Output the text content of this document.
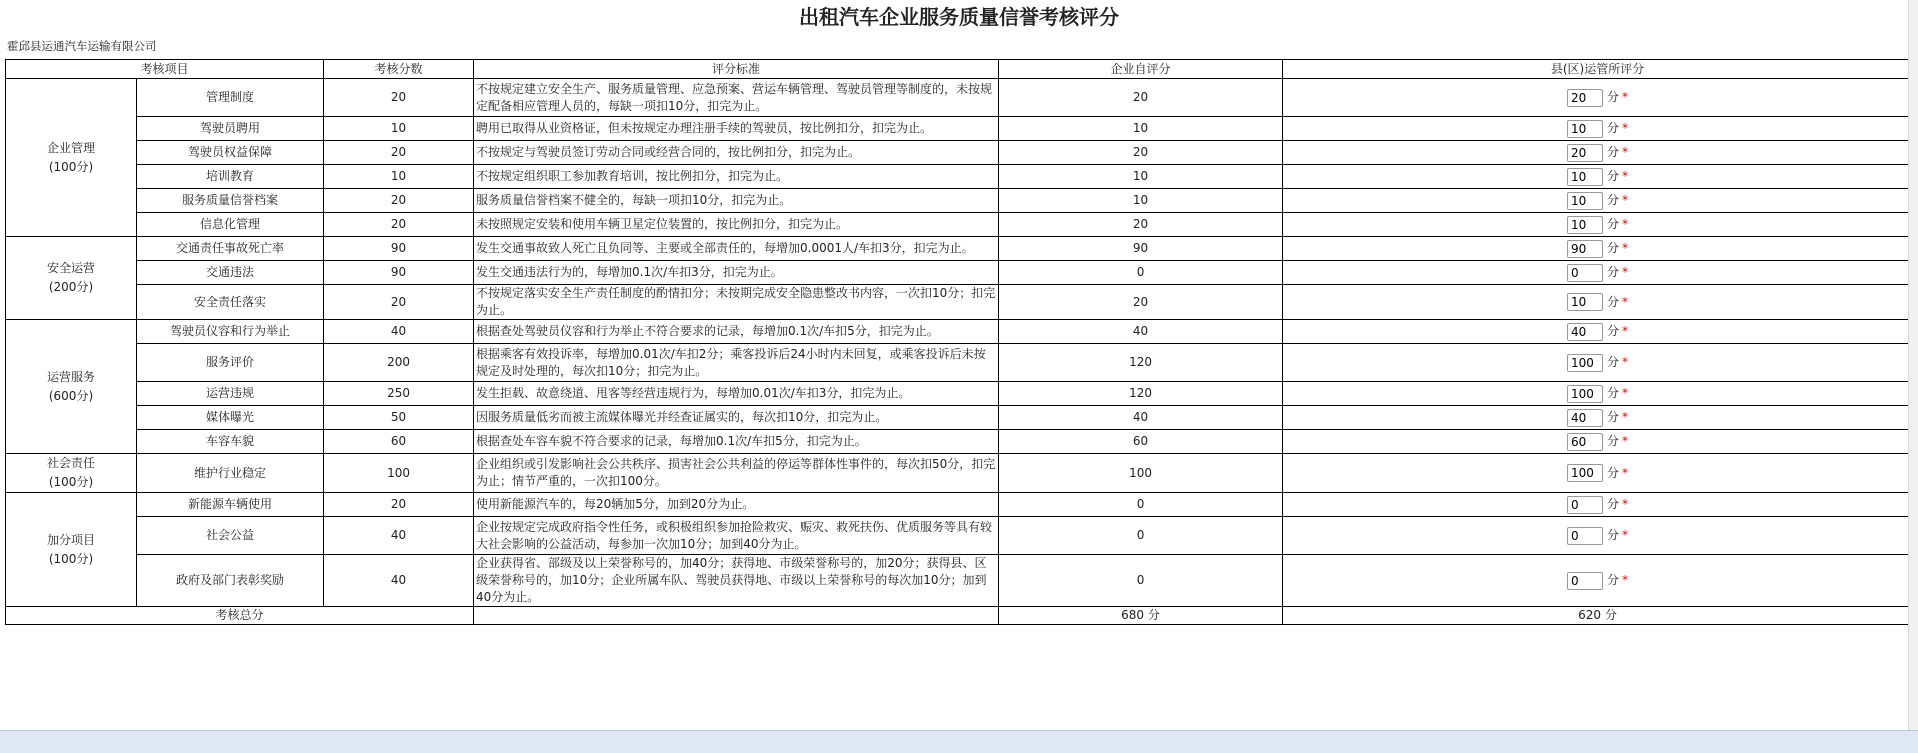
出租汽车企业服务质量信誉考核评分
霍邱县运通汽车运输有限公司
考核项目		考核分数	评分标准	企业自评分	县(区)运管所评分

企业管理
(100分)	管理制度	20	不按规定建立安全生产、服务质量管理、应急预案、营运车辆管理、驾驶员管理等制度的，未按规定配备相应管理人员的，每缺一项扣10分，扣完为止。	20	20分 *
	驾驶员聘用	10	聘用已取得从业资格证，但未按规定办理注册手续的驾驶员，按比例扣分，扣完为止。	10	10分 *
	驾驶员权益保障	20	不按规定与驾驶员签订劳动合同或经营合同的，按比例扣分，扣完为止。	20	20分 *
	培训教育	10	不按规定组织职工参加教育培训，按比例扣分，扣完为止。	10	10分 *
	服务质量信誉档案	20	服务质量信誉档案不健全的，每缺一项扣10分，扣完为止。	10	10分 *
	信息化管理	20	未按照规定安装和使用车辆卫星定位装置的，按比例扣分，扣完为止。	20	10分 *

安全运营
(200分)	交通责任事故死亡率	90	发生交通事故致人死亡且负同等、主要或全部责任的，每增加0.0001人/车扣3分，扣完为止。	90	90分 *
	交通违法	90	发生交通违法行为的，每增加0.1次/车扣3分，扣完为止。	0	0分 *
	安全责任落实	20	不按规定落实安全生产责任制度的酌情扣分；未按期完成安全隐患整改书内容，一次扣10分；扣完为止。	20	10分 *

运营服务
(600分)	驾驶员仪容和行为举止	40	根据查处驾驶员仪容和行为举止不符合要求的记录，每增加0.1次/车扣5分，扣完为止。	40	40分 *
	服务评价	200	根据乘客有效投诉率，每增加0.01次/车扣2分；乘客投诉后24小时内未回复，或乘客投诉后未按规定及时处理的，每次扣10分；扣完为止。	120	100分 *
	运营违规	250	发生拒载、故意绕道、甩客等经营违规行为，每增加0.01次/车扣3分，扣完为止。	120	100分 *
	媒体曝光	50	因服务质量低劣而被主流媒体曝光并经查证属实的，每次扣10分，扣完为止。	40	40分 *
	车容车貌	60	根据查处车容车貌不符合要求的记录，每增加0.1次/车扣5分，扣完为止。	60	60分 *

社会责任
(100分)	维护行业稳定	100	企业组织或引发影响社会公共秩序、损害社会公共利益的停运等群体性事件的，每次扣50分，扣完为止；情节严重的，一次扣100分。	100	100分 *

加分项目
(100分)	新能源车辆使用	20	使用新能源汽车的，每20辆加5分，加到20分为止。	0	0分 *
	社会公益	40	企业按规定完成政府指令性任务，或积极组织参加抢险救灾、赈灾、救死扶伤、优质服务等具有较大社会影响的公益活动，每参加一次加10分；加到40分为止。	0	0分 *
	政府及部门表彰奖励	40	企业获得省、部级及以上荣誉称号的，加40分；获得地、市级荣誉称号的，加20分；获得县、区级荣誉称号的，加10分；企业所属车队、驾驶员获得地、市级以上荣誉称号的每次加10分；加到40分为止。	0	0分 *
考核总分				680 分	620 分
